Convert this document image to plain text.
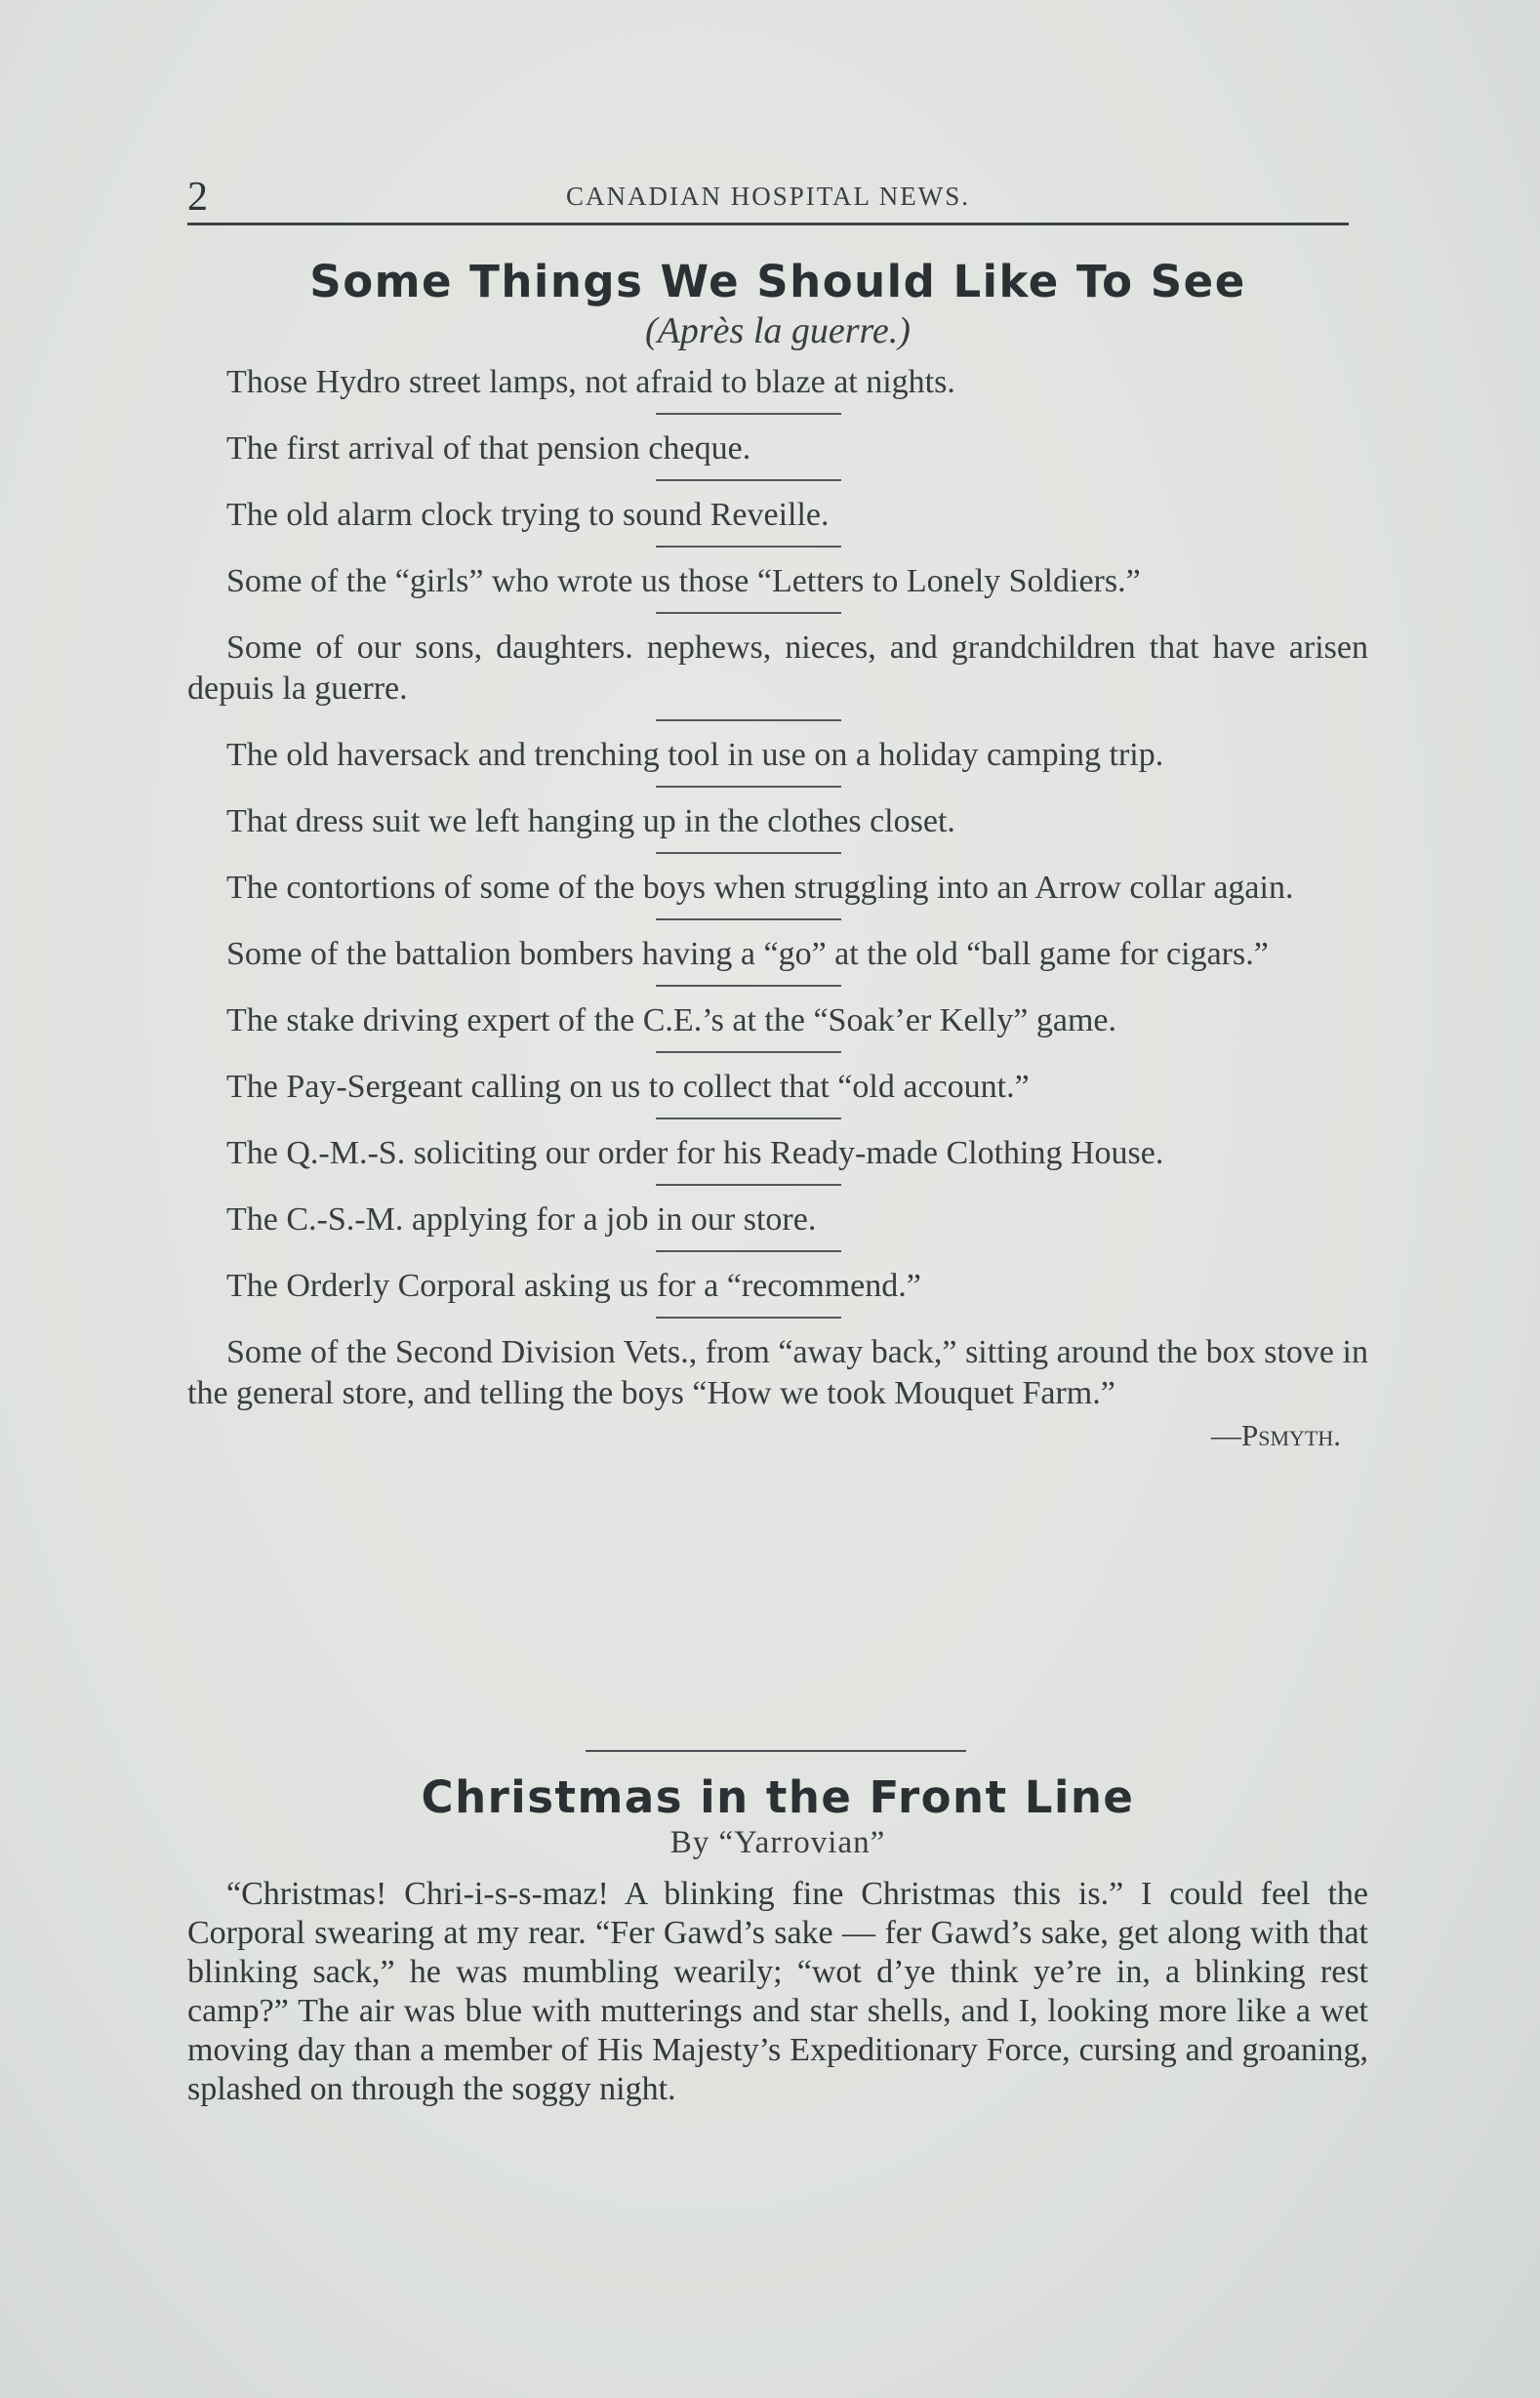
2	CANADIAN HOSPITAL NEWS.
Some Things We Should Like To See
(Après la guerre.)
Those Hydro street lamps, not afraid to blaze at nights.
The first arrival of that pension cheque.
The old alarm clock trying to sound Reveille.
Some of the “girls” who wrote us those “Letters to Lonely Soldiers.”
Some of our sons, daughters. nephews, nieces, and grandchildren that have arisen depuis la guerre.
The old haversack and trenching tool in use on a holiday camping trip.
That dress suit we left hanging up in the clothes closet.
The contortions of some of the boys when struggling into an Arrow collar again.
Some of the battalion bombers having a “go” at the old “ball game for cigars.”
The stake driving expert of the C.E.’s at the “Soak’er Kelly” game.
The Pay-Sergeant calling on us to collect that “old account.”
The Q.-M.-S. soliciting our order for his Ready-made Clothing House.
The C.-S.-M. applying for a job in our store.
The Orderly Corporal asking us for a “recommend.”
Some of the Second Division Vets., from “away back,” sitting around the box stove in the general store, and telling the boys “How we took Mouquet Farm.”
—Psmyth.
Christmas in the Front Line
By “Yarrovian”

“Christmas! Chri-i-s-s-maz! A blinking fine Christmas this is.” I could feel the Corporal swearing at my rear. “Fer Gawd’s sake — fer Gawd’s sake, get along with that blinking sack,” he was mumbling wearily; “wot d’ye think ye’re in, a blinking rest camp?” The air was blue with mutterings and star shells, and I, looking more like a wet moving day than a member of His Majesty’s Expeditionary Force, cursing and groaning, splashed on through the soggy night.
